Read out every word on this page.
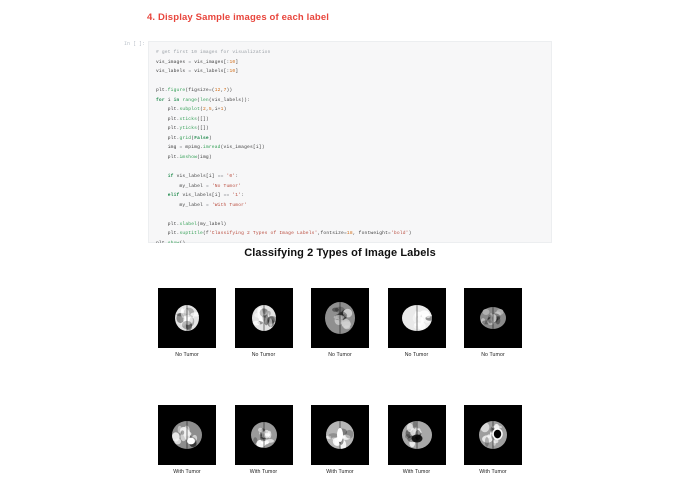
4. Display Sample images of each label
In [ ]:
# get first 10 images for visualization
vis_images = vis_images[:10]
vis_labels = vis_labels[:10]

plt.figure(figsize=(12,7))
for i in range(len(vis_labels)):
plt.subplot(2,5,i+1)
plt.xticks([])
plt.yticks([])
plt.grid(False)
img = mpimg.imread(vis_images[i])
plt.imshow(img)

if vis_labels[i] == '0':
my_label = 'No Tumor'
elif vis_labels[i] == '1':
my_label = 'With Tumor'

plt.xlabel(my_label)
plt.suptitle(f'Classifying 2 Types of Image Labels',fontsize=18, fontweight='bold')
Classifying 2 Types of Image Labels
No Tumor	No Tumor	No Tumor	No Tumor	No Tumor
With Tumor	With Tumor	With Tumor	With Tumor	With Tumor
